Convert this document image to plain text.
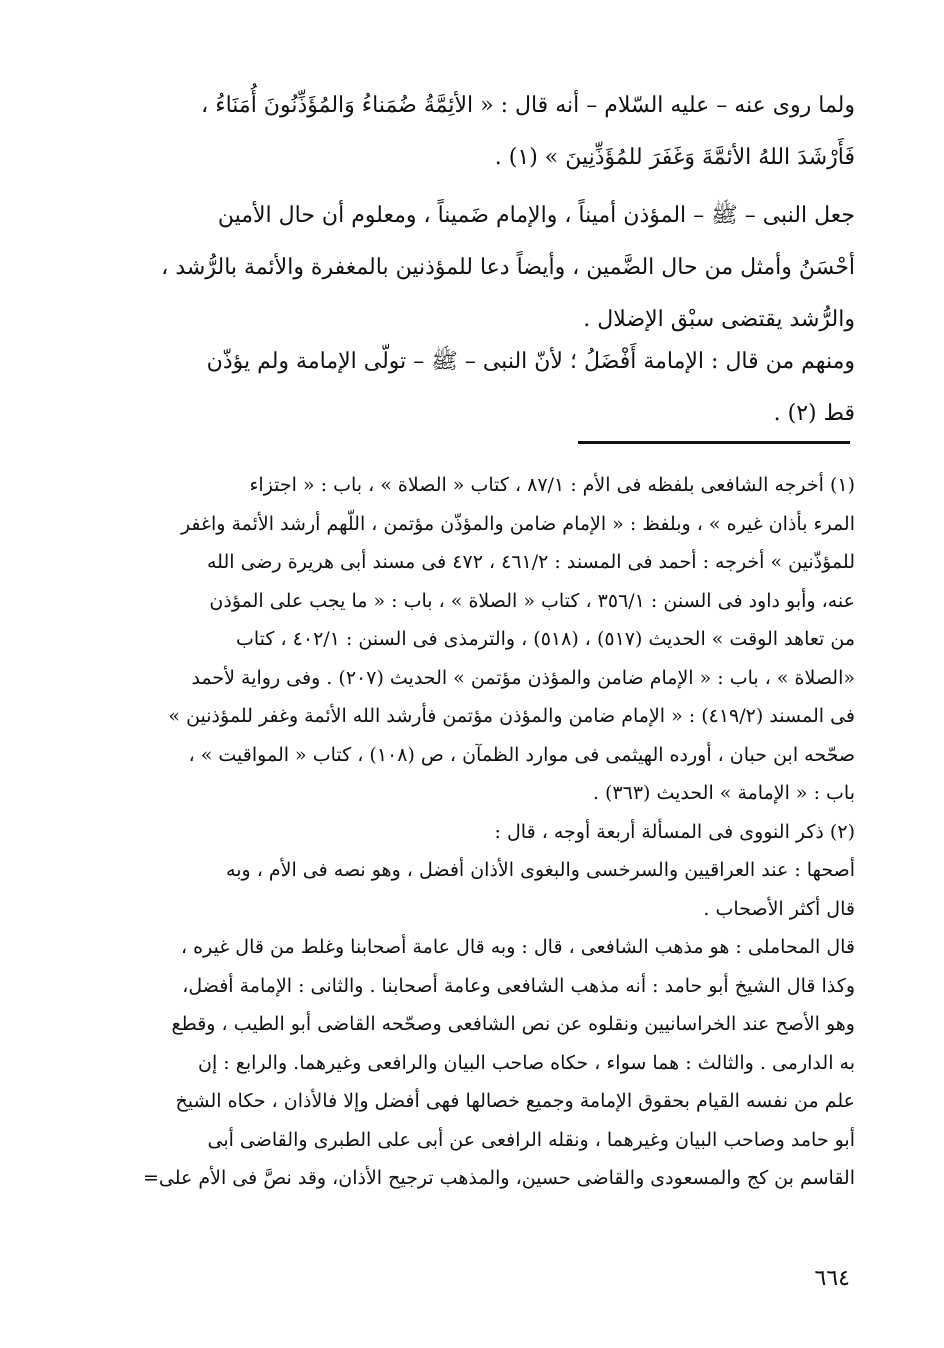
ولما روى عنه – عليه السّلام – أنه قال : « الأئِمَّةُ ضُمَناءُ وَالمُؤَذِّنُونَ أُمَنَاءُ ،
فَأَرْشَدَ اللهُ الأئمَّةَ وَغَفَرَ للمُؤَذِّنِينَ » (١) .
جعل النبى – ﷺ – المؤذن أميناً ، والإمام ضَميناً ، ومعلوم أن حال الأمين
أحْسَنُ وأمثل من حال الضَّمين ، وأيضاً دعا للمؤذنين بالمغفرة والأئمة بالرُّشد ،
والرُّشد يقتضى سبْق الإضلال .
ومنهم من قال : الإمامة أَفْضَلُ ؛ لأنّ النبى – ﷺ – تولّى الإمامة ولم يؤذّن
قط (٢) .
(١) أخرجه الشافعى بلفظه فى الأم : ٨٧/١ ، كتاب « الصلاة » ، باب : « اجتزاء
المرء بأذان غيره » ، وبلفظ : « الإمام ضامن والمؤذّن مؤتمن ، اللّهم أرشد الأئمة واغفر
للمؤذّنين » أخرجه : أحمد فى المسند : ٤٦١/٢ ، ٤٧٢ فى مسند أبى هريرة رضى الله
عنه، وأبو داود فى السنن : ٣٥٦/١ ، كتاب « الصلاة » ، باب : « ما يجب على المؤذن
من تعاهد الوقت » الحديث (٥١٧) ، (٥١٨) ، والترمذى فى السنن : ٤٠٢/١ ، كتاب
«الصلاة » ، باب : « الإمام ضامن والمؤذن مؤتمن » الحديث (٢٠٧) . وفى رواية لأحمد
فى المسند (٤١٩/٢) : « الإمام ضامن والمؤذن مؤتمن فأرشد الله الأئمة وغفر للمؤذنين »
صحّحه ابن حبان ، أورده الهيثمى فى موارد الظمآن ، ص (١٠٨) ، كتاب « المواقيت » ،
باب : « الإمامة » الحديث (٣٦٣) .
(٢) ذكر النووى فى المسألة أربعة أوجه ، قال :
أصحها : عند العراقيين والسرخسى والبغوى الأذان أفضل ، وهو نصه فى الأم ، وبه
قال أكثر الأصحاب .
قال المحاملى : هو مذهب الشافعى ، قال : وبه قال عامة أصحابنا وغلط من قال غيره ،
وكذا قال الشيخ أبو حامد : أنه مذهب الشافعى وعامة أصحابنا . والثانى : الإمامة أفضل،
وهو الأصح عند الخراسانيين ونقلوه عن نص الشافعى وصحّحه القاضى أبو الطيب ، وقطع
به الدارمى . والثالث : هما سواء ، حكاه صاحب البيان والرافعى وغيرهما. والرابع : إن
علم من نفسه القيام بحقوق الإمامة وجميع خصالها فهى أفضل وإلا فالأذان ، حكاه الشيخ
أبو حامد وصاحب البيان وغيرهما ، ونقله الرافعى عن أبى على الطبرى والقاضى أبى
القاسم بن كج والمسعودى والقاضى حسين، والمذهب ترجيح الأذان، وقد نصَّ فى الأم على=
٦٦٤
